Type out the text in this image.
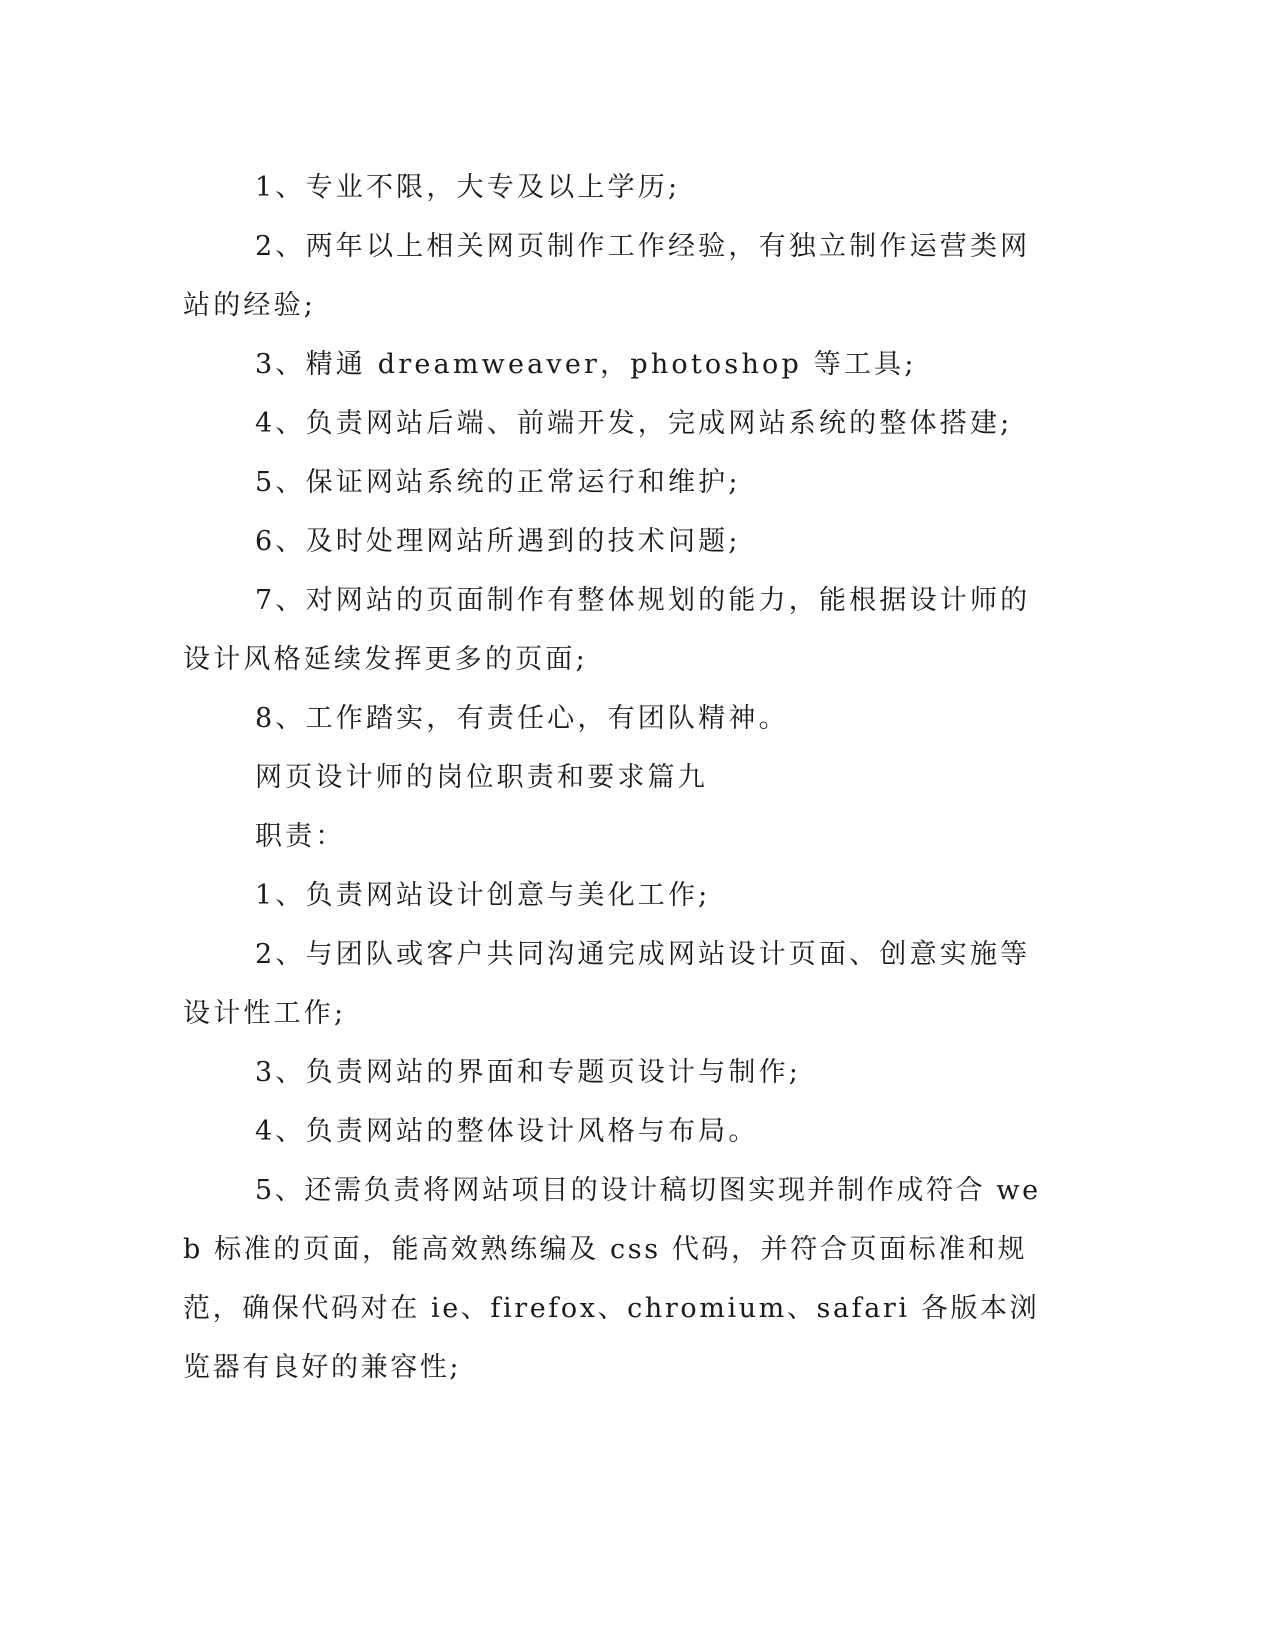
1、专业不限，大专及以上学历;

2、两年以上相关网页制作工作经验，有独立制作运营类网站的经验;

3、精通 dreamweaver，photoshop 等工具;

4、负责网站后端、前端开发，完成网站系统的整体搭建;

5、保证网站系统的正常运行和维护;

6、及时处理网站所遇到的技术问题;

7、对网站的页面制作有整体规划的能力，能根据设计师的设计风格延续发挥更多的页面;

8、工作踏实，有责任心，有团队精神。

网页设计师的岗位职责和要求篇九

职责：

1、负责网站设计创意与美化工作;

2、与团队或客户共同沟通完成网站设计页面、创意实施等设计性工作;

3、负责网站的界面和专题页设计与制作;

4、负责网站的整体设计风格与布局。

5、还需负责将网站项目的设计稿切图实现并制作成符合 web 标准的页面，能高效熟练编及 css 代码，并符合页面标准和规范，确保代码对在 ie、firefox、chromium、safari 各版本浏览器有良好的兼容性;
